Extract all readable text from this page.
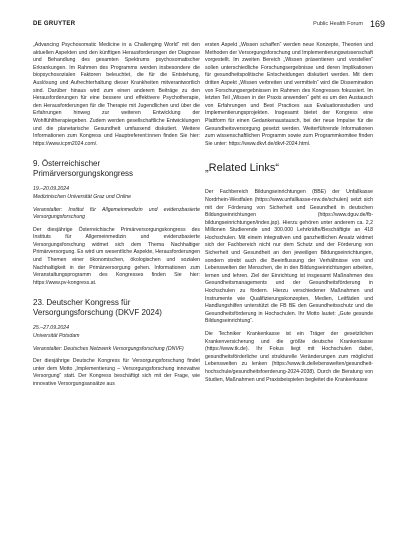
DE GRUYTER	Public Health Forum 169

„Advancing Psychosomatic Medicine in a Challenging World“ mit den aktuellen Aspekten und den künftigen Herausforderungen der Diagnose und Behandlung des gesamten Spektrums psychosomatischer Erkrankungen. Im Rahmen des Programms werden insbesondere die biopsychosozialen Faktoren beleuchtet, die für die Entstehung, Auslösung und Aufrechterhaltung dieser Krankheiten mitverantwortlich sind. Darüber hinaus wird zum einen anderem Beiträge zu den Herausforderungen für eine bessere und effektivere Psychotherapie, den Herausforderungen für die Therapie mit Jugendlichen und über die Erfahrungen hinweg zur weiteren Entwicklung der Wohlfühltherapiegeben. Zudem werden gesellschaftliche Entwicklungen und die planetarische Gesundheit umfassend diskutiert. Weitere Informationen zum Kongress und Hauptreferent:innen finden Sie hier: https://www.icpm2024.com/.

9. Österreichischer Primärversorgungskongress
19.–20.09.2024
Medizinischen Universität Graz und Online
Veranstalter: Institut für Allgemeinmedizin und evidenzbasierte Versorgungsforschung

Der diesjährige Österreichische Primärversorgungskongress des Instituts für Allgemeinmedizin und evidenzbasierte Versorgungsforschung widmet sich dem Thema Nachhaltiger Primärversorgung. Es wird um wesentliche Aspekte, Herausforderungen und Themen einer ökonomischen, ökologischen und sozialen Nachhaltigkeit in der Primärversorgung gehen. Informationen zum Veranstaltungsprogramm des Kongresses finden Sie hier: https://www.pv-kongress.at.

23. Deutscher Kongress für Versorgungsforschung (DKVF 2024)
25.–27.09.2024
Universität Potsdam
Veranstalter: Deutsches Netzwerk Versorgungsforschung (DNVF)

Der diesjährige Deutsche Kongress für Versorgungsforschung findet unter dem Motto „Implementierung – Versorgungsforschung innovative Versorgung“ statt. Der Kongress beschäftigt sich mit der Frage, wie innovative Versorgungsansätze aus

ersten Aspekt „Wissen schaffen“ werden neue Konzepte, Theorien und Methoden der Versorgungsforschung und Implementierungswissenschaft vorgestellt. Im zweiten Bereich „Wissen präsentieren und vorstellen“ sollen unterschiedliche Forschungsergebnisse und deren Implikationen für gesundheitspolitische Entscheidungen diskutiert werden. Mit dem dritten Aspekt „Wissen verbreiten und vermitteln“ wird die Dissemination von Forschungsergebnissen im Rahmen des Kongresses fokussiert. Im letzten Teil „Wissen in der Praxis anwenden“ geht es um den Austausch von Erfahrungen und Best Practices aus Evaluationsstudien und Implementierungsprojekten. Insgesamt bietet der Kongress eine Plattform für einen Gedankenaustausch, bei der neue Impulse für die Gesundheitsversorgung gesetzt werden. Weiterführende Informationen zum wissenschaftlichen Programm sowie zum Programmkomitee finden Sie unter: https://www.dkvf.de/dkvf-2024.html.

„Related Links“

Der Fachbereich Bildungseinrichtungen (BBE) der Unfallkasse Nordrhein-Westfalen (https://www.unfallkasse-nrw.de/schulen) setzt sich mit der Förderung von Sicherheit und Gesundheit in deutschen Bildungseinrichtungen (https://www.dguv.de/fb-bildungseinrichtungen/index.jsp). Hierzu gehören unter anderem ca. 2,2 Millionen Studierende und 300.000 Lehrkräfte/Beschäftigte an 418 Hochschulen. Mit einem integrativen und ganzheitlichen Ansatz widmet sich der Fachbereich nicht nur dem Schutz und der Förderung von Sicherheit und Gesundheit an den jeweiligen Bildungseinrichtungen, sondern strebt auch die Beeinflussung der Verhältnisse von und Lebenswelten der Menschen, die in den Bildungseinrichtungen arbeiten, lernen und lehren. Ziel der Einrichtung ist insgesamt Maßnahmen des Gesundheitsmanagements und der Gesundheitsförderung in Hochschulen zu fördern. Hierzu verschiedener Maßnahmen und Instrumente wie Qualifizierungskonzepten, Medien, Leitfäden und Handlungshilfen unterstützt die FB BE den Gesundheitsschutz und die Gesundheitsförderung in Hochschulen. Ihr Motto lautet: „Gute gesunde Bildungseinrichtung“.

Die Techniker Krankenkasse ist ein Träger der gesetzlichen Krankenversicherung und die größte deutsche Krankenkasse (https://www.tk.de). Ihr Fokus liegt mit Hochschulen dabei, gesundheitsförderliche und strukturelle Veränderungen zum möglichst Lebenswelten zu lenken (https://www.tk.de/lebenswelten/gesundheit-hochschule/gesundheitsfoerderung-2024-2038). Durch die Beratung von Studien, Maßnahmen und Praxisbeispielen begleitet die Krankenkasse
